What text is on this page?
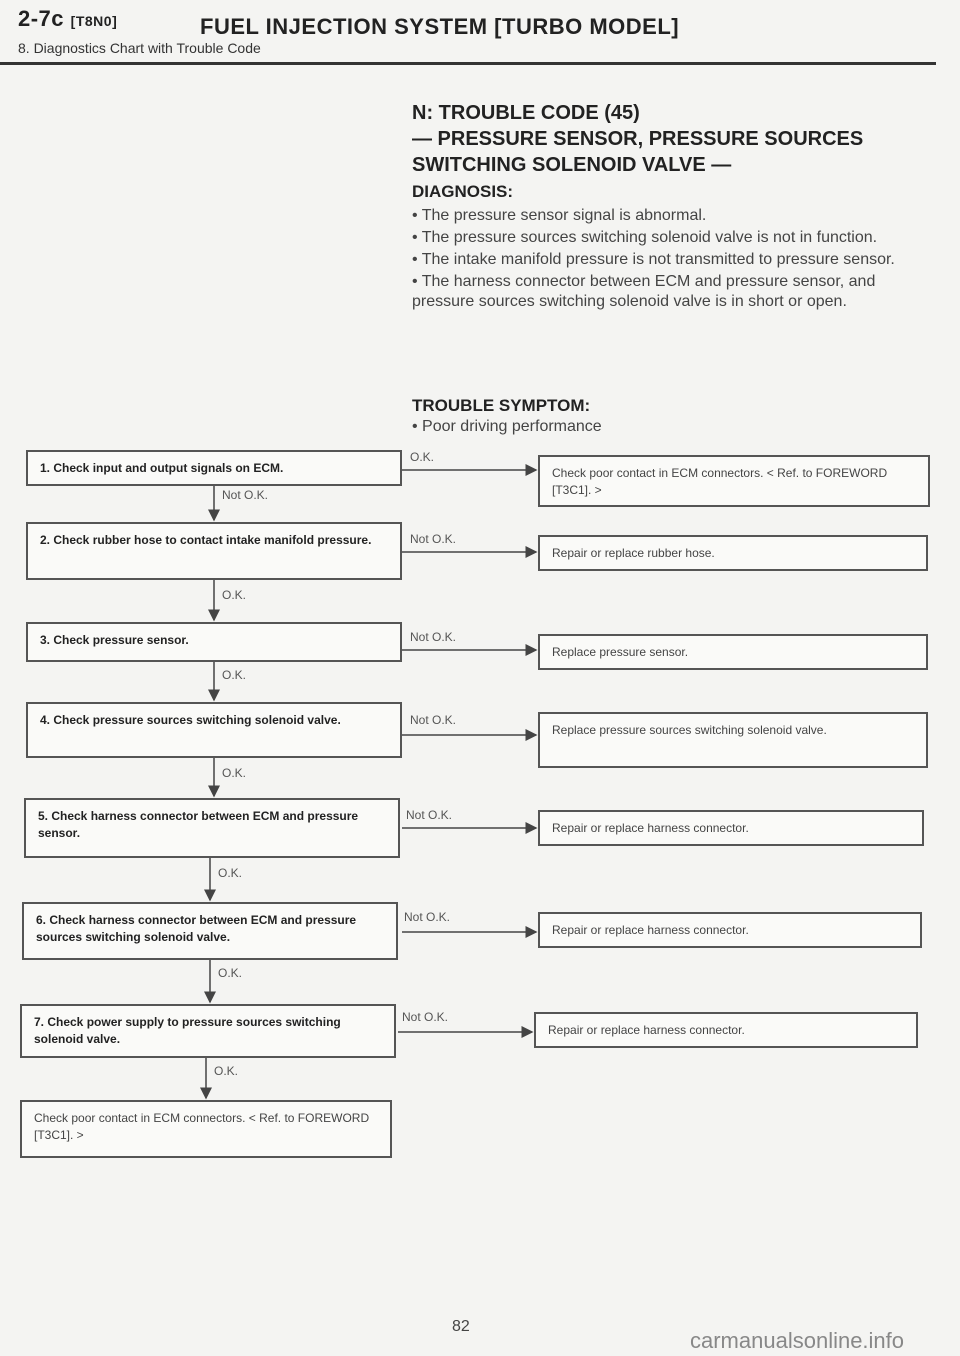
2-7c [T8N0]	FUEL INJECTION SYSTEM [TURBO MODEL]
8. Diagnostics Chart with Trouble Code
N: TROUBLE CODE (45)
— PRESSURE SENSOR, PRESSURE SOURCES
SWITCHING SOLENOID VALVE —
DIAGNOSIS:

• The pressure sensor signal is abnormal.

• The pressure sources switching solenoid valve is not in function.

• The intake manifold pressure is not transmitted to pressure sensor.

• The harness connector between ECM and pressure sensor, and pressure sources switching solenoid valve is in short or open.

TROUBLE SYMPTOM:
• Poor driving performance
1. Check input and output signals on ECM.
2. Check rubber hose to contact intake manifold pressure.
3. Check pressure sensor.
4. Check pressure sources switching solenoid valve.
5. Check harness connector between ECM and pressure sensor.
6. Check harness connector between ECM and pressure sources switching solenoid valve.
7. Check power supply to pressure sources switching solenoid valve.
Check poor contact in ECM connectors. < Ref. to FOREWORD [T3C1]. >
Check poor contact in ECM connectors. < Ref. to FOREWORD [T3C1]. >
Repair or replace rubber hose.
Replace pressure sensor.
Replace pressure sources switching solenoid valve.
Repair or replace harness connector.
Repair or replace harness connector.
Repair or replace harness connector.
O.K.
Not O.K.
Not O.K.
Not O.K.
Not O.K.
Not O.K.
Not O.K.
Not O.K.
O.K.
O.K.
O.K.
O.K.
O.K.
O.K.
82
carmanualsonline.info
